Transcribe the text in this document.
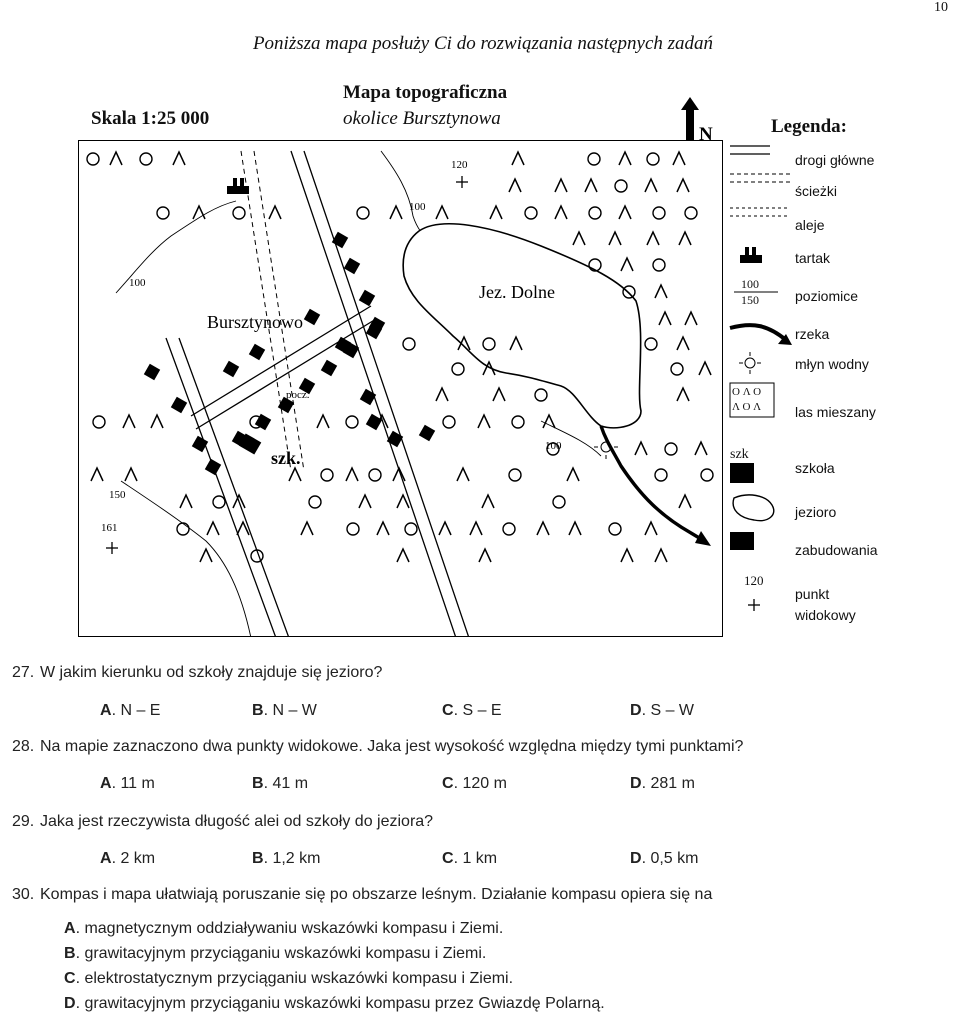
10
Poniższa mapa posłuży Ci do rozwiązania następnych zadań
Skala 1:25 000
Mapa topograficzna
okolice Bursztynowa
N	Legenda:
Bursztynowo
Jez. Dolne
szk.
pocz.
100
100
100
150
120
161
100
150
O Λ O
Λ O Λ
szk
120
drogi główne
ścieżki
aleje
tartak
poziomice
rzeka
młyn wodny
las mieszany
szkoła
jezioro
zabudowania
punkt
widokowy
27. W jakim kierunku od szkoły znajduje się jezioro?
A. N – E	B. N – W	C. S – E	D. S – W
28. Na mapie zaznaczono dwa punkty widokowe. Jaka jest wysokość względna między tymi punktami?
A. 11 m	B. 41 m	C. 120 m	D. 281 m
29. Jaka jest rzeczywista długość alei od szkoły do jeziora?
A. 2 km	B. 1,2 km	C. 1 km	D. 0,5 km
30. Kompas i mapa ułatwiają poruszanie się po obszarze leśnym. Działanie kompasu opiera się na
A. magnetycznym oddziaływaniu wskazówki kompasu i Ziemi.
B. grawitacyjnym przyciąganiu wskazówki kompasu i Ziemi.
C. elektrostatycznym przyciąganiu wskazówki kompasu i Ziemi.
D. grawitacyjnym przyciąganiu wskazówki kompasu przez Gwiazdę Polarną.
